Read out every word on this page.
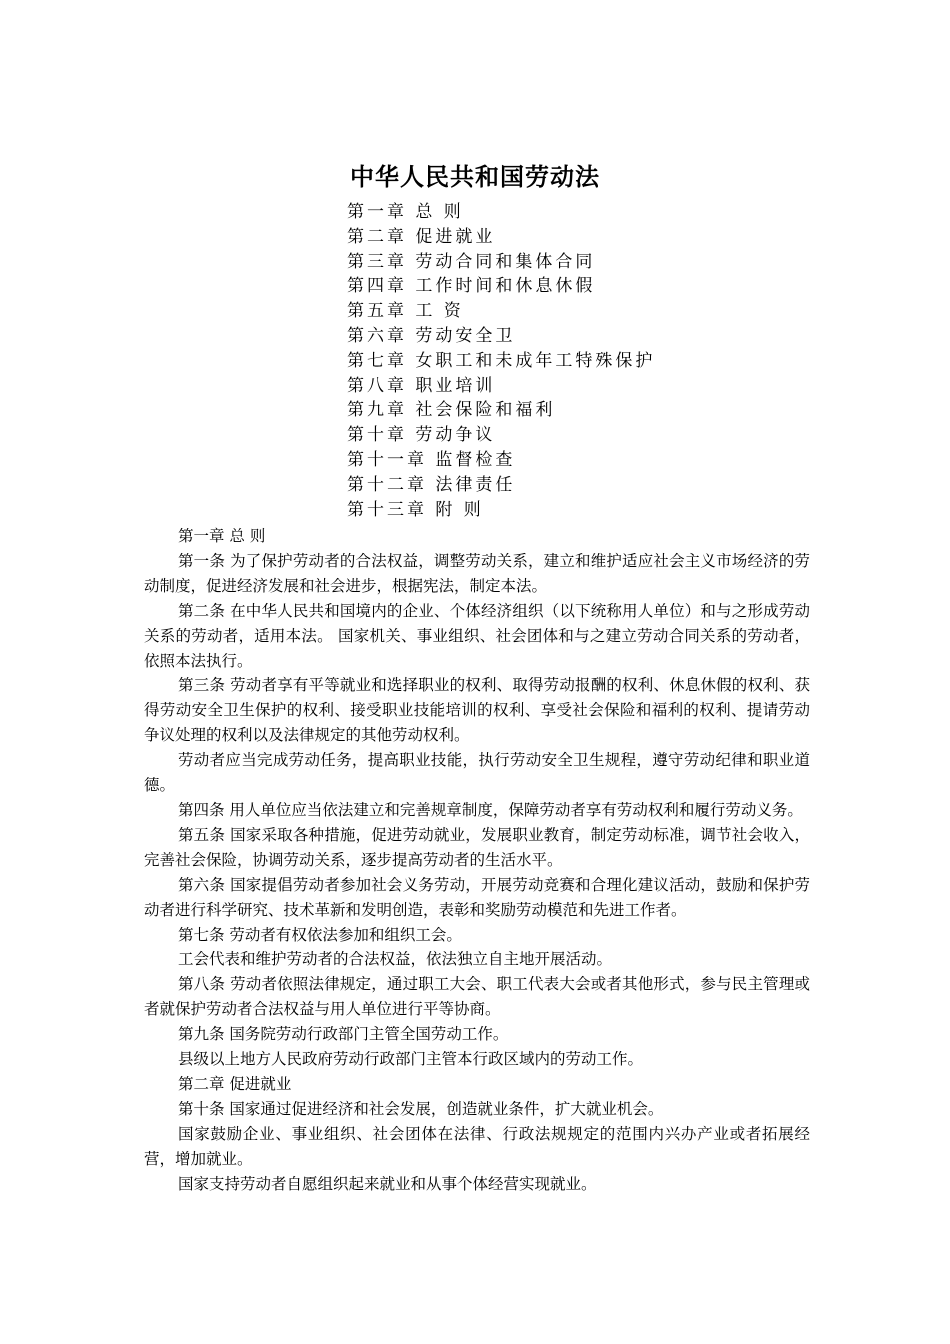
中华人民共和国劳动法
第一章 总 则
第二章 促进就业
第三章 劳动合同和集体合同
第四章 工作时间和休息休假
第五章 工 资
第六章 劳动安全卫
第七章 女职工和未成年工特殊保护
第八章 职业培训
第九章 社会保险和福利
第十章 劳动争议
第十一章 监督检查
第十二章 法律责任
第十三章 附 则

第一章 总 则

第一条 为了保护劳动者的合法权益，调整劳动关系，建立和维护适应社会主义市场经济的劳动制度，促进经济发展和社会进步，根据宪法，制定本法。

第二条 在中华人民共和国境内的企业、个体经济组织（以下统称用人单位）和与之形成劳动关系的劳动者，适用本法。 国家机关、事业组织、社会团体和与之建立劳动合同关系的劳动者，依照本法执行。

第三条 劳动者享有平等就业和选择职业的权利、取得劳动报酬的权利、休息休假的权利、获得劳动安全卫生保护的权利、接受职业技能培训的权利、享受社会保险和福利的权利、提请劳动争议处理的权利以及法律规定的其他劳动权利。

劳动者应当完成劳动任务，提高职业技能，执行劳动安全卫生规程，遵守劳动纪律和职业道德。

第四条 用人单位应当依法建立和完善规章制度，保障劳动者享有劳动权利和履行劳动义务。

第五条 国家采取各种措施，促进劳动就业，发展职业教育，制定劳动标准，调节社会收入，完善社会保险，协调劳动关系，逐步提高劳动者的生活水平。

第六条 国家提倡劳动者参加社会义务劳动，开展劳动竞赛和合理化建议活动，鼓励和保护劳动者进行科学研究、技术革新和发明创造，表彰和奖励劳动模范和先进工作者。

第七条 劳动者有权依法参加和组织工会。

工会代表和维护劳动者的合法权益，依法独立自主地开展活动。

第八条 劳动者依照法律规定，通过职工大会、职工代表大会或者其他形式，参与民主管理或者就保护劳动者合法权益与用人单位进行平等协商。

第九条 国务院劳动行政部门主管全国劳动工作。

县级以上地方人民政府劳动行政部门主管本行政区域内的劳动工作。

第二章 促进就业

第十条 国家通过促进经济和社会发展，创造就业条件，扩大就业机会。

国家鼓励企业、事业组织、社会团体在法律、行政法规规定的范围内兴办产业或者拓展经营，增加就业。

国家支持劳动者自愿组织起来就业和从事个体经营实现就业。
